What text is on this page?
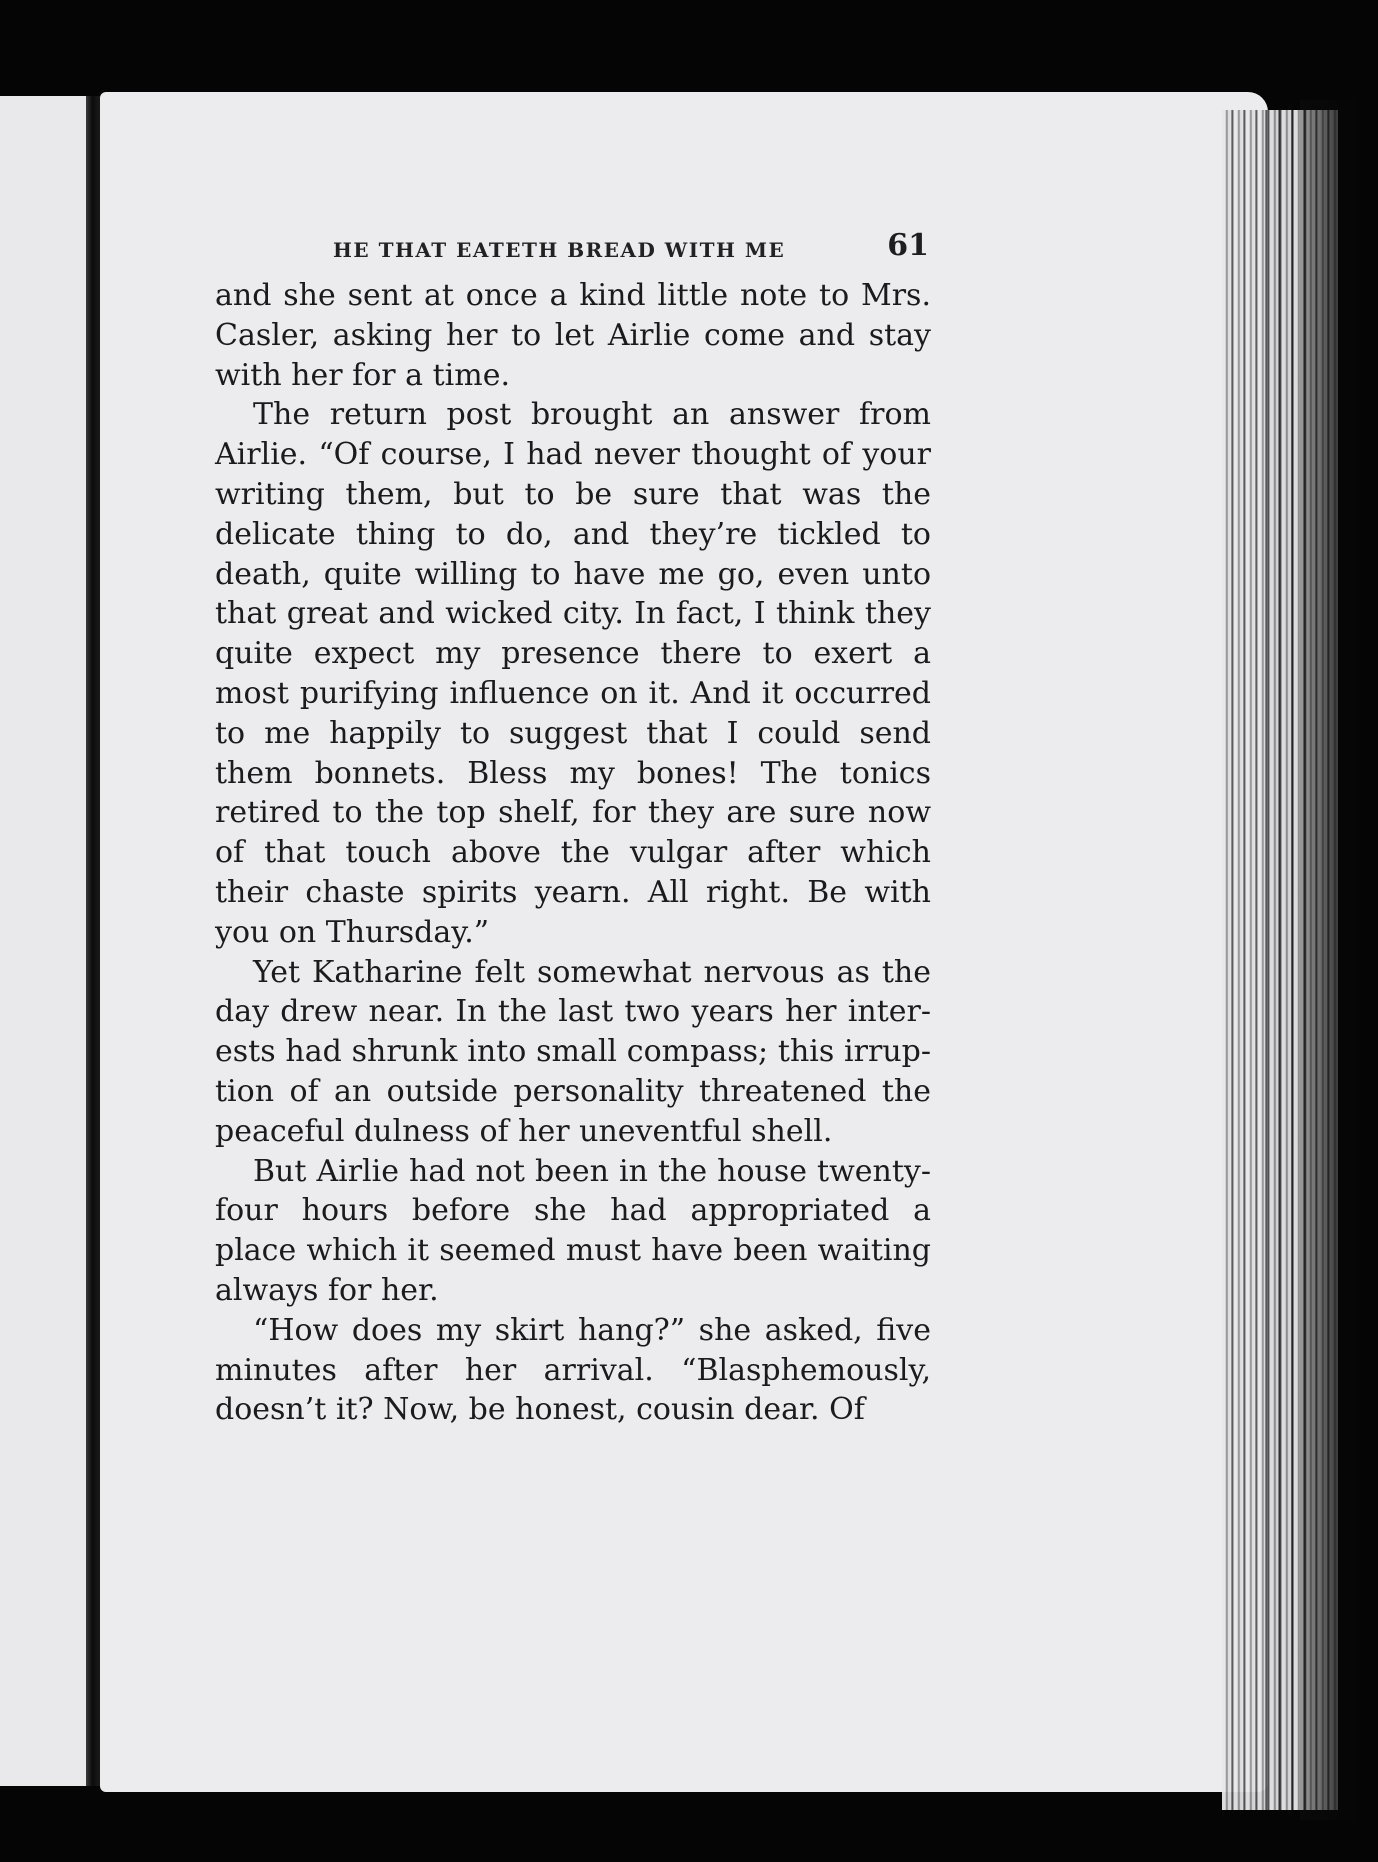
HE THAT EATETH BREAD WITH ME	61

and she sent at once a kind little note to Mrs. Casler, asking her to let Airlie come and stay with her for a time.

The return post brought an answer from Airlie. “Of course, I had never thought of your writing them, but to be sure that was the delicate thing to do, and they’re tickled to death, quite willing to have me go, even unto that great and wicked city. In fact, I think they quite expect my presence there to exert a most purifying influence on it. And it occurred to me happily to suggest that I could send them bonnets. Bless my bones! The tonics retired to the top shelf, for they are sure now of that touch above the vulgar after which their chaste spirits yearn. All right. Be with you on Thursday.”

Yet Katharine felt somewhat nervous as the day drew near. In the last two years her interests had shrunk into small compass; this irruption of an outside personality threatened the peaceful dulness of her uneventful shell.

But Airlie had not been in the house twenty-four hours before she had appropriated a place which it seemed must have been waiting always for her.

“How does my skirt hang?” she asked, five minutes after her arrival. “Blasphemously, doesn’t it? Now, be honest, cousin dear. Of
